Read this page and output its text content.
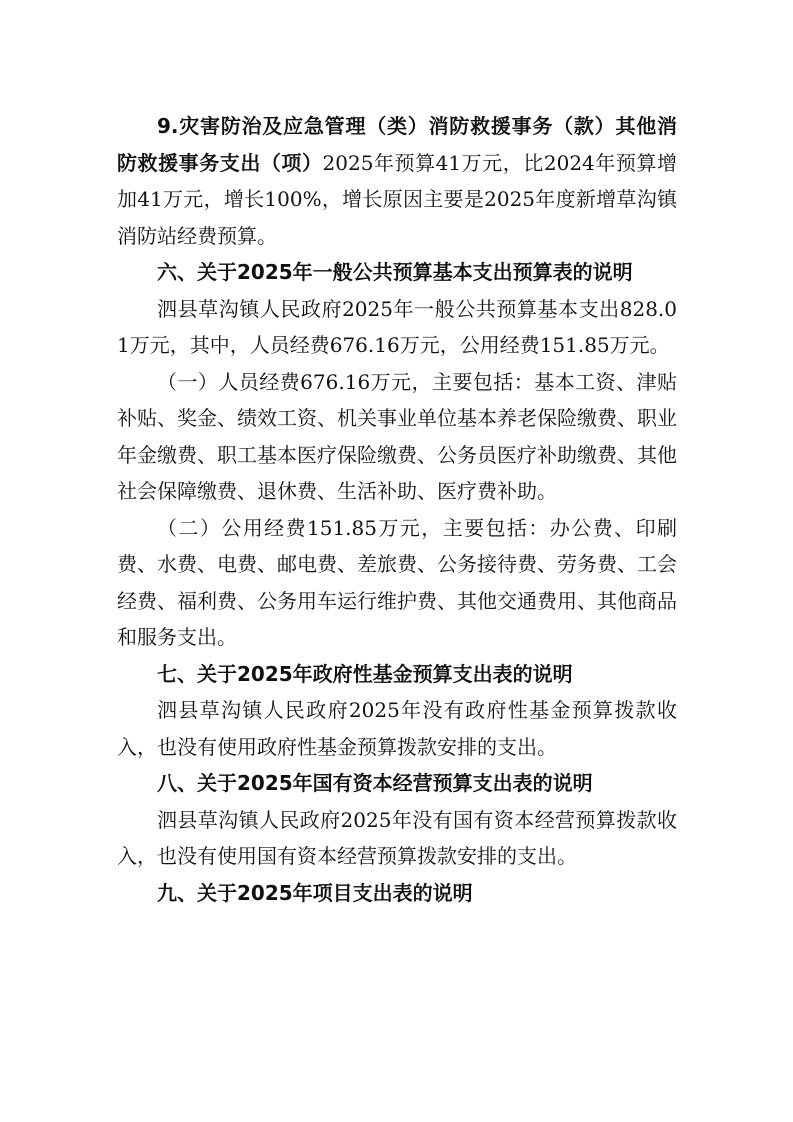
9.灾害防治及应急管理（类）消防救援事务（款）其他消防救援事务支出（项）2025年预算41万元，比2024年预算增加41万元，增长100%，增长原因主要是2025年度新增草沟镇消防站经费预算。

六、关于2025年一般公共预算基本支出预算表的说明

泗县草沟镇人民政府2025年一般公共预算基本支出828.01万元，其中，人员经费676.16万元，公用经费151.85万元。

（一）人员经费676.16万元，主要包括：基本工资、津贴补贴、奖金、绩效工资、机关事业单位基本养老保险缴费、职业年金缴费、职工基本医疗保险缴费、公务员医疗补助缴费、其他社会保障缴费、退休费、生活补助、医疗费补助。

（二）公用经费151.85万元，主要包括：办公费、印刷费、水费、电费、邮电费、差旅费、公务接待费、劳务费、工会经费、福利费、公务用车运行维护费、其他交通费用、其他商品和服务支出。

七、关于2025年政府性基金预算支出表的说明

泗县草沟镇人民政府2025年没有政府性基金预算拨款收入，也没有使用政府性基金预算拨款安排的支出。

八、关于2025年国有资本经营预算支出表的说明

泗县草沟镇人民政府2025年没有国有资本经营预算拨款收入，也没有使用国有资本经营预算拨款安排的支出。

九、关于2025年项目支出表的说明
